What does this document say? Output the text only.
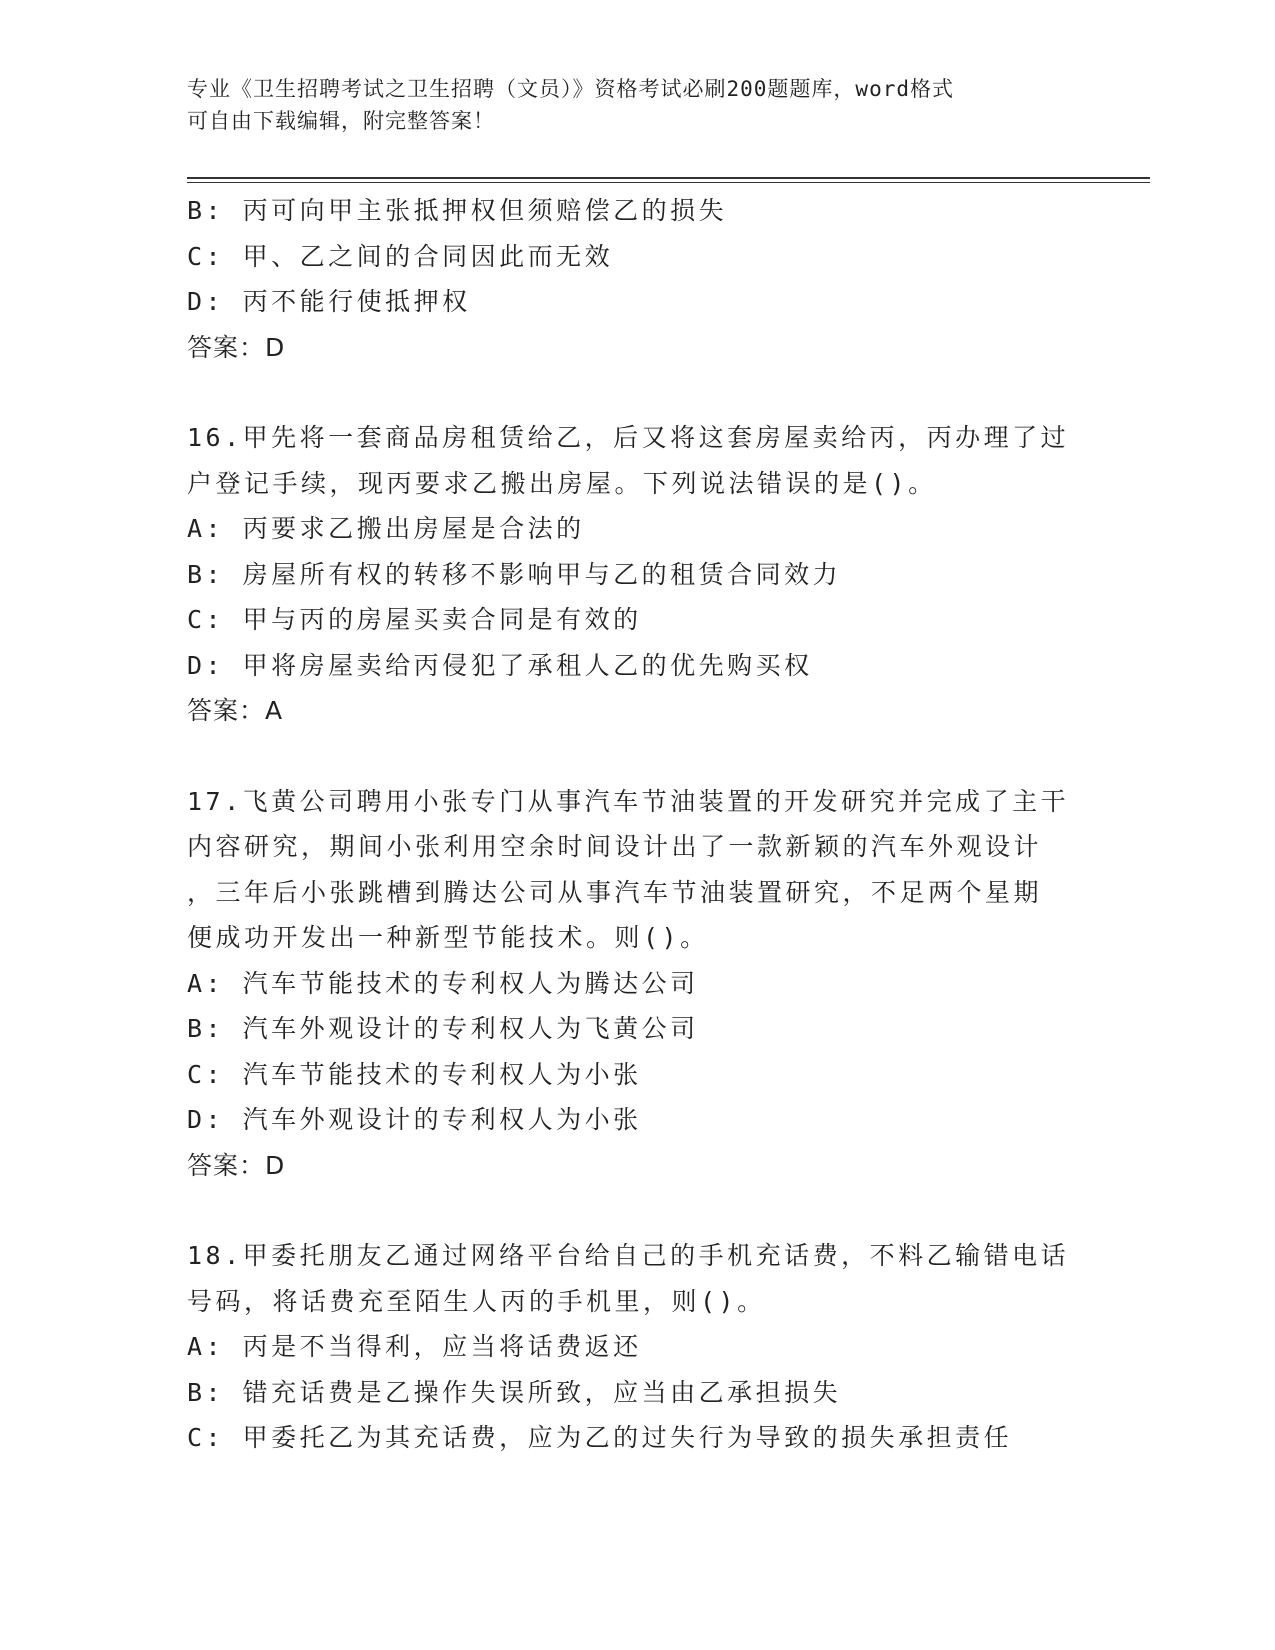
专业《卫生招聘考试之卫生招聘（文员）》资格考试必刷200题题库，word格式
可自由下载编辑，附完整答案！
B: 丙可向甲主张抵押权但须赔偿乙的损失
C: 甲、乙之间的合同因此而无效
D: 丙不能行使抵押权
答案：D
16.甲先将一套商品房租赁给乙，后又将这套房屋卖给丙，丙办理了过
户登记手续，现丙要求乙搬出房屋。下列说法错误的是()。
A: 丙要求乙搬出房屋是合法的
B: 房屋所有权的转移不影响甲与乙的租赁合同效力
C: 甲与丙的房屋买卖合同是有效的
D: 甲将房屋卖给丙侵犯了承租人乙的优先购买权
答案：A
17.飞黄公司聘用小张专门从事汽车节油装置的开发研究并完成了主干
内容研究，期间小张利用空余时间设计出了一款新颖的汽车外观设计
，三年后小张跳槽到腾达公司从事汽车节油装置研究，不足两个星期
便成功开发出一种新型节能技术。则()。
A: 汽车节能技术的专利权人为腾达公司
B: 汽车外观设计的专利权人为飞黄公司
C: 汽车节能技术的专利权人为小张
D: 汽车外观设计的专利权人为小张
答案：D
18.甲委托朋友乙通过网络平台给自己的手机充话费，不料乙输错电话
号码，将话费充至陌生人丙的手机里，则()。
A: 丙是不当得利，应当将话费返还
B: 错充话费是乙操作失误所致，应当由乙承担损失
C: 甲委托乙为其充话费，应为乙的过失行为导致的损失承担责任
